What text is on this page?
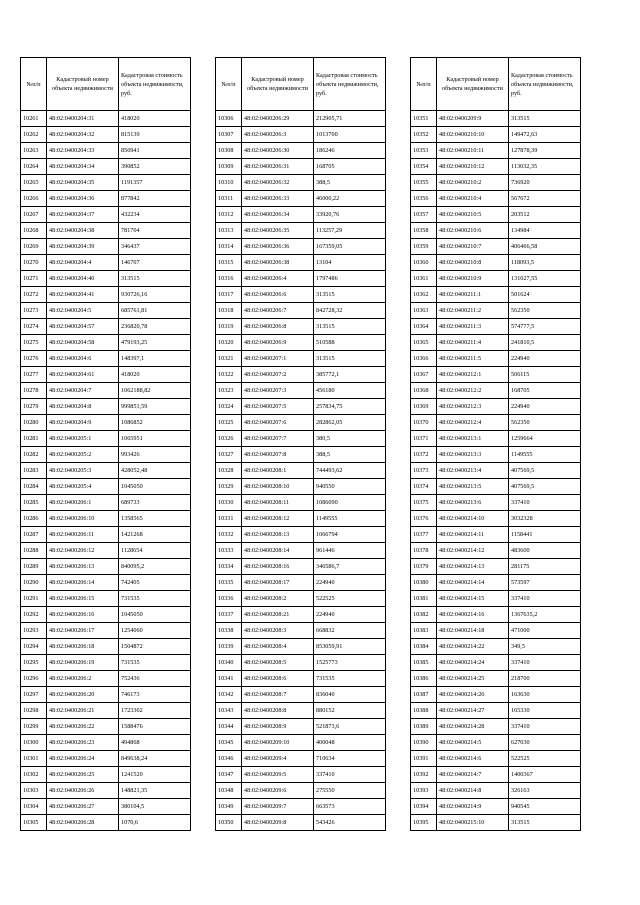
№п/п	Кадастровый номер объекта недвижимости	Кадастровая стоимость объекта недвижимости, руб.
10261	48:02:0400204:31	418020
10262	48:02:0400204:32	815139
10263	48:02:0400204:33	856941
10264	48:02:0400204:34	390852
10265	48:02:0400204:35	1191357
10266	48:02:0400204:36	877842
10267	48:02:0400204:37	432234
10268	48:02:0400204:38	781704
10269	48:02:0400204:39	346437
10270	48:02:0400204:4	146707
10271	48:02:0400204:40	313515
10272	48:02:0400204:41	930726,16
10273	48:02:0400204:5	685761,81
10274	48:02:0400204:57	236820,78
10275	48:02:0400204:58	479193,25
10276	48:02:0400204:6	148397,1
10277	48:02:0400204:61	418020
10278	48:02:0400204:7	1062188,82
10279	48:02:0400204:8	999851,59
10280	48:02:0400204:9	1086852
10281	48:02:0400205:1	1065951
10282	48:02:0400205:2	993426
10283	48:02:0400205:3	428052,48
10284	48:02:0400205:4	1045050
10285	48:02:0400206:1	689733
10286	48:02:0400206:10	1358565
10287	48:02:0400206:11	1421268
10288	48:02:0400206:12	1128654
10289	48:02:0400206:13	840095,2
10290	48:02:0400206:14	742405
10291	48:02:0400206:15	731535
10292	48:02:0400206:16	1045050
10293	48:02:0400206:17	1254060
10294	48:02:0400206:18	1504872
10295	48:02:0400206:19	731535
10296	48:02:0400206:2	752436
10297	48:02:0400206:20	746173
10298	48:02:0400206:21	1723302
10299	48:02:0400206:22	1588476
10300	48:02:0400206:23	494868
10301	48:02:0400206:24	849638,24
10302	48:02:0400206:25	1241520
10303	48:02:0400206:26	148821,35
10304	48:02:0400206:27	380104,5
10305	48:02:0400206:28	1070,6
№п/п	Кадастровый номер объекта недвижимости	Кадастровая стоимость объекта недвижимости, руб.
10306	48:02:0400206:29	212905,71
10307	48:02:0400206:3	1013700
10308	48:02:0400206:30	186246
10309	48:02:0400206:31	168705
10310	48:02:0400206:32	388,5
10311	48:02:0400206:33	46000,22
10312	48:02:0400206:34	33920,76
10313	48:02:0400206:35	113257,29
10314	48:02:0400206:36	167359,05
10315	48:02:0400206:38	13104
10316	48:02:0400206:4	1797486
10317	48:02:0400206:6	313515
10318	48:02:0400206:7	842728,32
10319	48:02:0400206:8	313515
10320	48:02:0400206:9	510588
10321	48:02:0400207:1	313515
10322	48:02:0400207:2	385772,1
10323	48:02:0400207:3	456180
10324	48:02:0400207:5	257834,75
10325	48:02:0400207:6	282862,05
10326	48:02:0400207:7	380,5
10327	48:02:0400207:8	388,5
10328	48:02:0400208:1	744493,62
10329	48:02:0400208:10	940550
10330	48:02:0400208:11	1086090
10331	48:02:0400208:12	1149555
10332	48:02:0400208:13	1066794
10333	48:02:0400208:14	961446
10334	48:02:0400208:16	346586,7
10335	48:02:0400208:17	224940
10336	48:02:0400208:2	522525
10337	48:02:0400208:21	224940
10338	48:02:0400208:3	668832
10339	48:02:0400208:4	853059,91
10340	48:02:0400208:5	1525773
10341	48:02:0400208:6	731535
10342	48:02:0400208:7	836040
10343	48:02:0400208:8	880152
10344	48:02:0400208:9	521873,6
10345	48:02:0400209:10	400048
10346	48:02:0400209:4	710634
10347	48:02:0400209:5	337410
10348	48:02:0400209:6	275550
10349	48:02:0400209:7	663573
10350	48:02:0400209:8	543426
№п/п	Кадастровый номер объекта недвижимости	Кадастровая стоимость объекта недвижимости, руб.
10351	48:02:0400209:9	313515
10352	48:02:0400210:10	149472,63
10353	48:02:0400210:11	127878,39
10354	48:02:0400210:12	113032,35
10355	48:02:0400210:2	736920
10356	48:02:0400210:4	567672
10357	48:02:0400210:5	203512
10358	48:02:0400210:6	134984
10359	48:02:0400210:7	406466,58
10360	48:02:0400210:8	118093,5
10361	48:02:0400210:9	131027,55
10362	48:02:0400211:1	501624
10363	48:02:0400211:2	562350
10364	48:02:0400211:3	574777,5
10365	48:02:0400211:4	241810,5
10366	48:02:0400211:5	224940
10367	48:02:0400212:1	506115
10368	48:02:0400212:2	168705
10369	48:02:0400212:3	224940
10370	48:02:0400212:4	562350
10371	48:02:0400213:1	1259664
10372	48:02:0400213:3	1149555
10373	48:02:0400213:4	407569,5
10374	48:02:0400213:5	407569,5
10375	48:02:0400213:6	337410
10376	48:02:0400214:10	3032328
10377	48:02:0400214:11	1158441
10378	48:02:0400214:12	483600
10379	48:02:0400214:13	281175
10380	48:02:0400214:14	573597
10381	48:02:0400214:15	337410
10382	48:02:0400214:16	1367635,2
10383	48:02:0400214:18	471000
10384	48:02:0400214:22	349,5
10385	48:02:0400214:24	337410
10386	48:02:0400214:25	218700
10387	48:02:0400214:26	163630
10388	48:02:0400214:27	165330
10389	48:02:0400214:28	337410
10390	48:02:0400214:5	627030
10391	48:02:0400214:6	522525
10392	48:02:0400214:7	1400367
10393	48:02:0400214:8	326163
10394	48:02:0400214:9	940545
10395	48:02:0400215:10	313515
